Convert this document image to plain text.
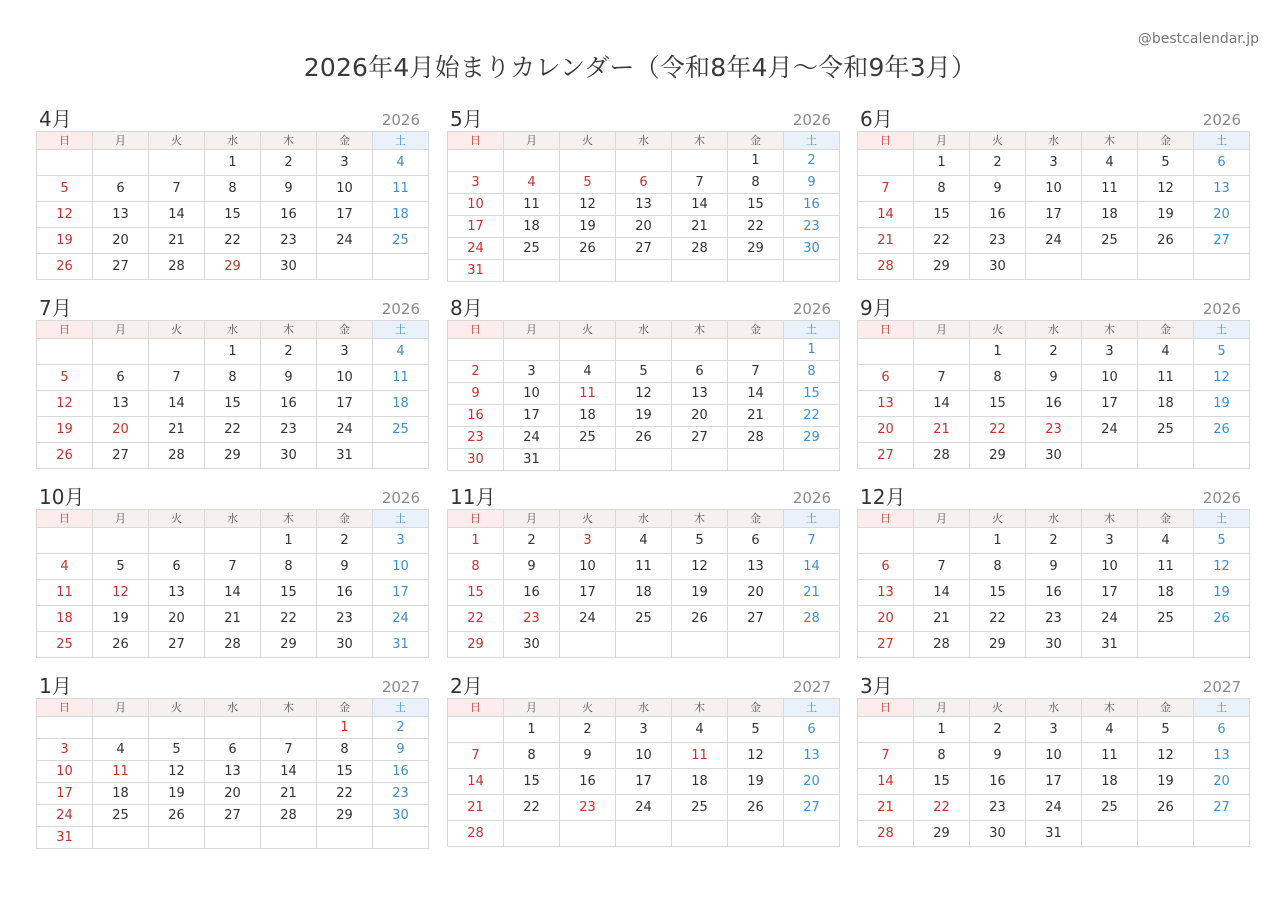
@bestcalendar.jp
2026年4月始まりカレンダー（令和8年4月〜令和9年3月）
4月	2026
日	月	火	水	木	金	土
			1	2	3	4
5	6	7	8	9	10	11
12	13	14	15	16	17	18
19	20	21	22	23	24	25
26	27	28	29	30		
5月	2026
日	月	火	水	木	金	土
					1	2
3	4	5	6	7	8	9
10	11	12	13	14	15	16
17	18	19	20	21	22	23
24	25	26	27	28	29	30
31						
6月	2026
日	月	火	水	木	金	土
	1	2	3	4	5	6
7	8	9	10	11	12	13
14	15	16	17	18	19	20
21	22	23	24	25	26	27
28	29	30				
7月	2026
日	月	火	水	木	金	土
			1	2	3	4
5	6	7	8	9	10	11
12	13	14	15	16	17	18
19	20	21	22	23	24	25
26	27	28	29	30	31	
8月	2026
日	月	火	水	木	金	土
						1
2	3	4	5	6	7	8
9	10	11	12	13	14	15
16	17	18	19	20	21	22
23	24	25	26	27	28	29
30	31					
9月	2026
日	月	火	水	木	金	土
		1	2	3	4	5
6	7	8	9	10	11	12
13	14	15	16	17	18	19
20	21	22	23	24	25	26
27	28	29	30			
10月	2026
日	月	火	水	木	金	土
				1	2	3
4	5	6	7	8	9	10
11	12	13	14	15	16	17
18	19	20	21	22	23	24
25	26	27	28	29	30	31
11月	2026
日	月	火	水	木	金	土
1	2	3	4	5	6	7
8	9	10	11	12	13	14
15	16	17	18	19	20	21
22	23	24	25	26	27	28
29	30					
12月	2026
日	月	火	水	木	金	土
		1	2	3	4	5
6	7	8	9	10	11	12
13	14	15	16	17	18	19
20	21	22	23	24	25	26
27	28	29	30	31		
1月	2027
日	月	火	水	木	金	土
					1	2
3	4	5	6	7	8	9
10	11	12	13	14	15	16
17	18	19	20	21	22	23
24	25	26	27	28	29	30
31						
2月	2027
日	月	火	水	木	金	土
	1	2	3	4	5	6
7	8	9	10	11	12	13
14	15	16	17	18	19	20
21	22	23	24	25	26	27
28						
3月	2027
日	月	火	水	木	金	土
	1	2	3	4	5	6
7	8	9	10	11	12	13
14	15	16	17	18	19	20
21	22	23	24	25	26	27
28	29	30	31			
